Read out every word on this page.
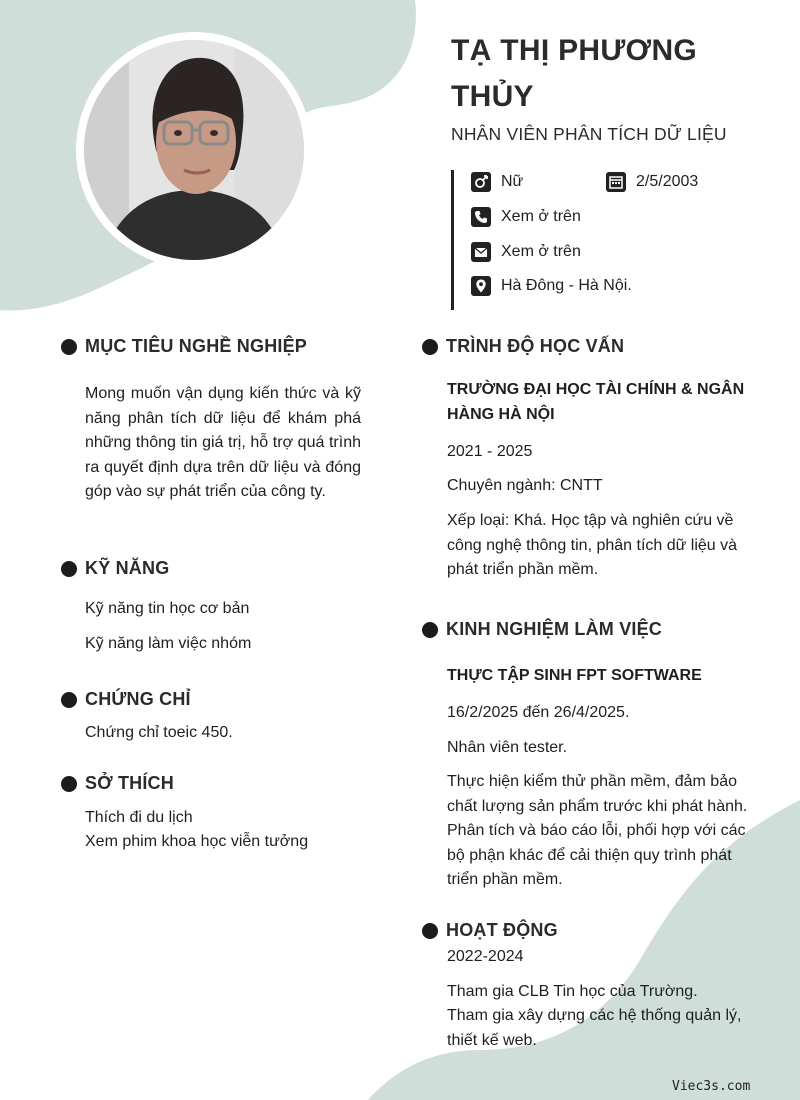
TẠ THỊ PHƯƠNG THỦY
NHÂN VIÊN PHÂN TÍCH DỮ LIỆU
Nữ	2/5/2003
Xem ở trên
Xem ở trên
Hà Đông - Hà Nội.
MỤC TIÊU NGHỀ NGHIỆP
Mong muốn vận dụng kiến thức và kỹ năng phân tích dữ liệu để khám phá những thông tin giá trị, hỗ trợ quá trình ra quyết định dựa trên dữ liệu và đóng góp vào sự phát triển của công ty.
KỸ NĂNG
Kỹ năng tin học cơ bản
Kỹ năng làm việc nhóm
CHỨNG CHỈ
Chứng chỉ toeic 450.
SỞ THÍCH
Thích đi du lịch
Xem phim khoa học viễn tưởng
TRÌNH ĐỘ HỌC VẤN
TRƯỜNG ĐẠI HỌC TÀI CHÍNH & NGÂN HÀNG HÀ NỘI
2021 - 2025
Chuyên ngành: CNTT
Xếp loại: Khá. Học tập và nghiên cứu về công nghệ thông tin, phân tích dữ liệu và phát triển phần mềm.
KINH NGHIỆM LÀM VIỆC
THỰC TẬP SINH FPT SOFTWARE
16/2/2025 đến 26/4/2025.
Nhân viên tester.
Thực hiện kiểm thử phần mềm, đảm bảo chất lượng sản phẩm trước khi phát hành. Phân tích và báo cáo lỗi, phối hợp với các bộ phận khác để cải thiện quy trình phát triển phần mềm.
HOẠT ĐỘNG
2022-2024
Tham gia CLB Tin học của Trường.
Tham gia xây dựng các hệ thống quản lý, thiết kế web.
Viec3s.com
